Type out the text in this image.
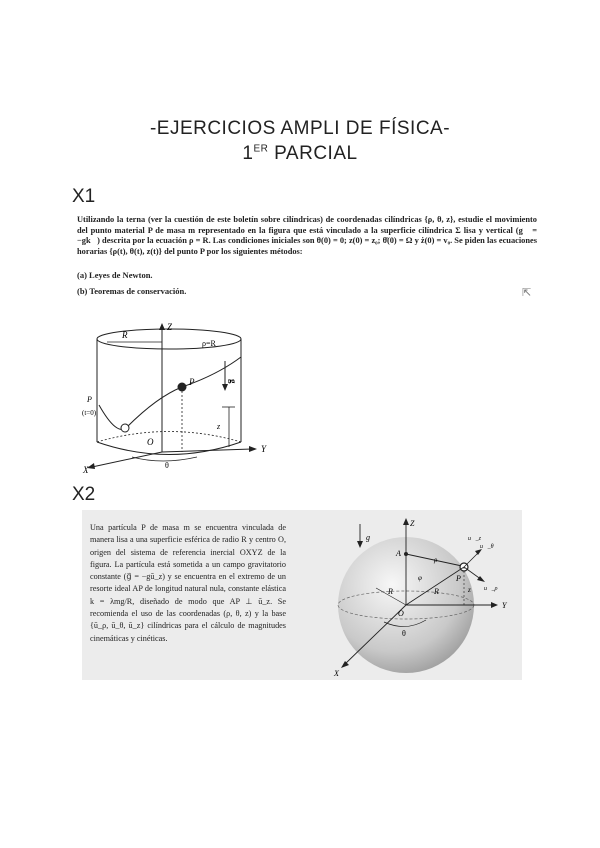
-EJERCICIOS AMPLI DE FÍSICA-
1ER PARCIAL
X1

Utilizando la terna (ver la cuestión de este boletín sobre cilíndricas) de coordenadas cilíndricas {ρ, θ, z}, estudie el movimiento del punto material P de masa m representado en la figura que está vinculado a la superficie cilíndrica Σ lisa y vertical (g⃗ = −gk⃗) descrita por la ecuación ρ = R. Las condiciones iniciales son θ(0) = 0; z(0) = z₀; θ̇(0) = Ω y ż(0) = v₀. Se piden las ecuaciones horarias {ρ(t), θ(t), z(t)} del punto P por los siguientes métodos:

(a) Leyes de Newton.
(b) Teoremas de conservación.	⇱
Z
R
ρ=R
P
P
(t=0)
g
z
O
θ
X
Y
X2
Una partícula P de masa m se encuentra vinculada de manera lisa a una superficie esférica de radio R y centro O, origen del sistema de referencia inercial OXYZ de la figura. La partícula está sometida a un campo gravitatorio constante (g⃗ = −gū_z) y se encuentra en el extremo de un resorte ideal AP de longitud natural nula, constante elástica k = λmg/R, diseñado de modo que AP ⊥ ū_z. Se recomienda el uso de las coordenadas (ρ, θ, z) y la base {ū_ρ, ū_θ, ū_z} cilíndricas para el cálculo de magnitudes cinemáticas y cinéticas.
g
Z
A
P
φ
R	R
ρ
z
O
Y
θ
X
u⃗_θ
u⃗_z
u⃗_ρ
